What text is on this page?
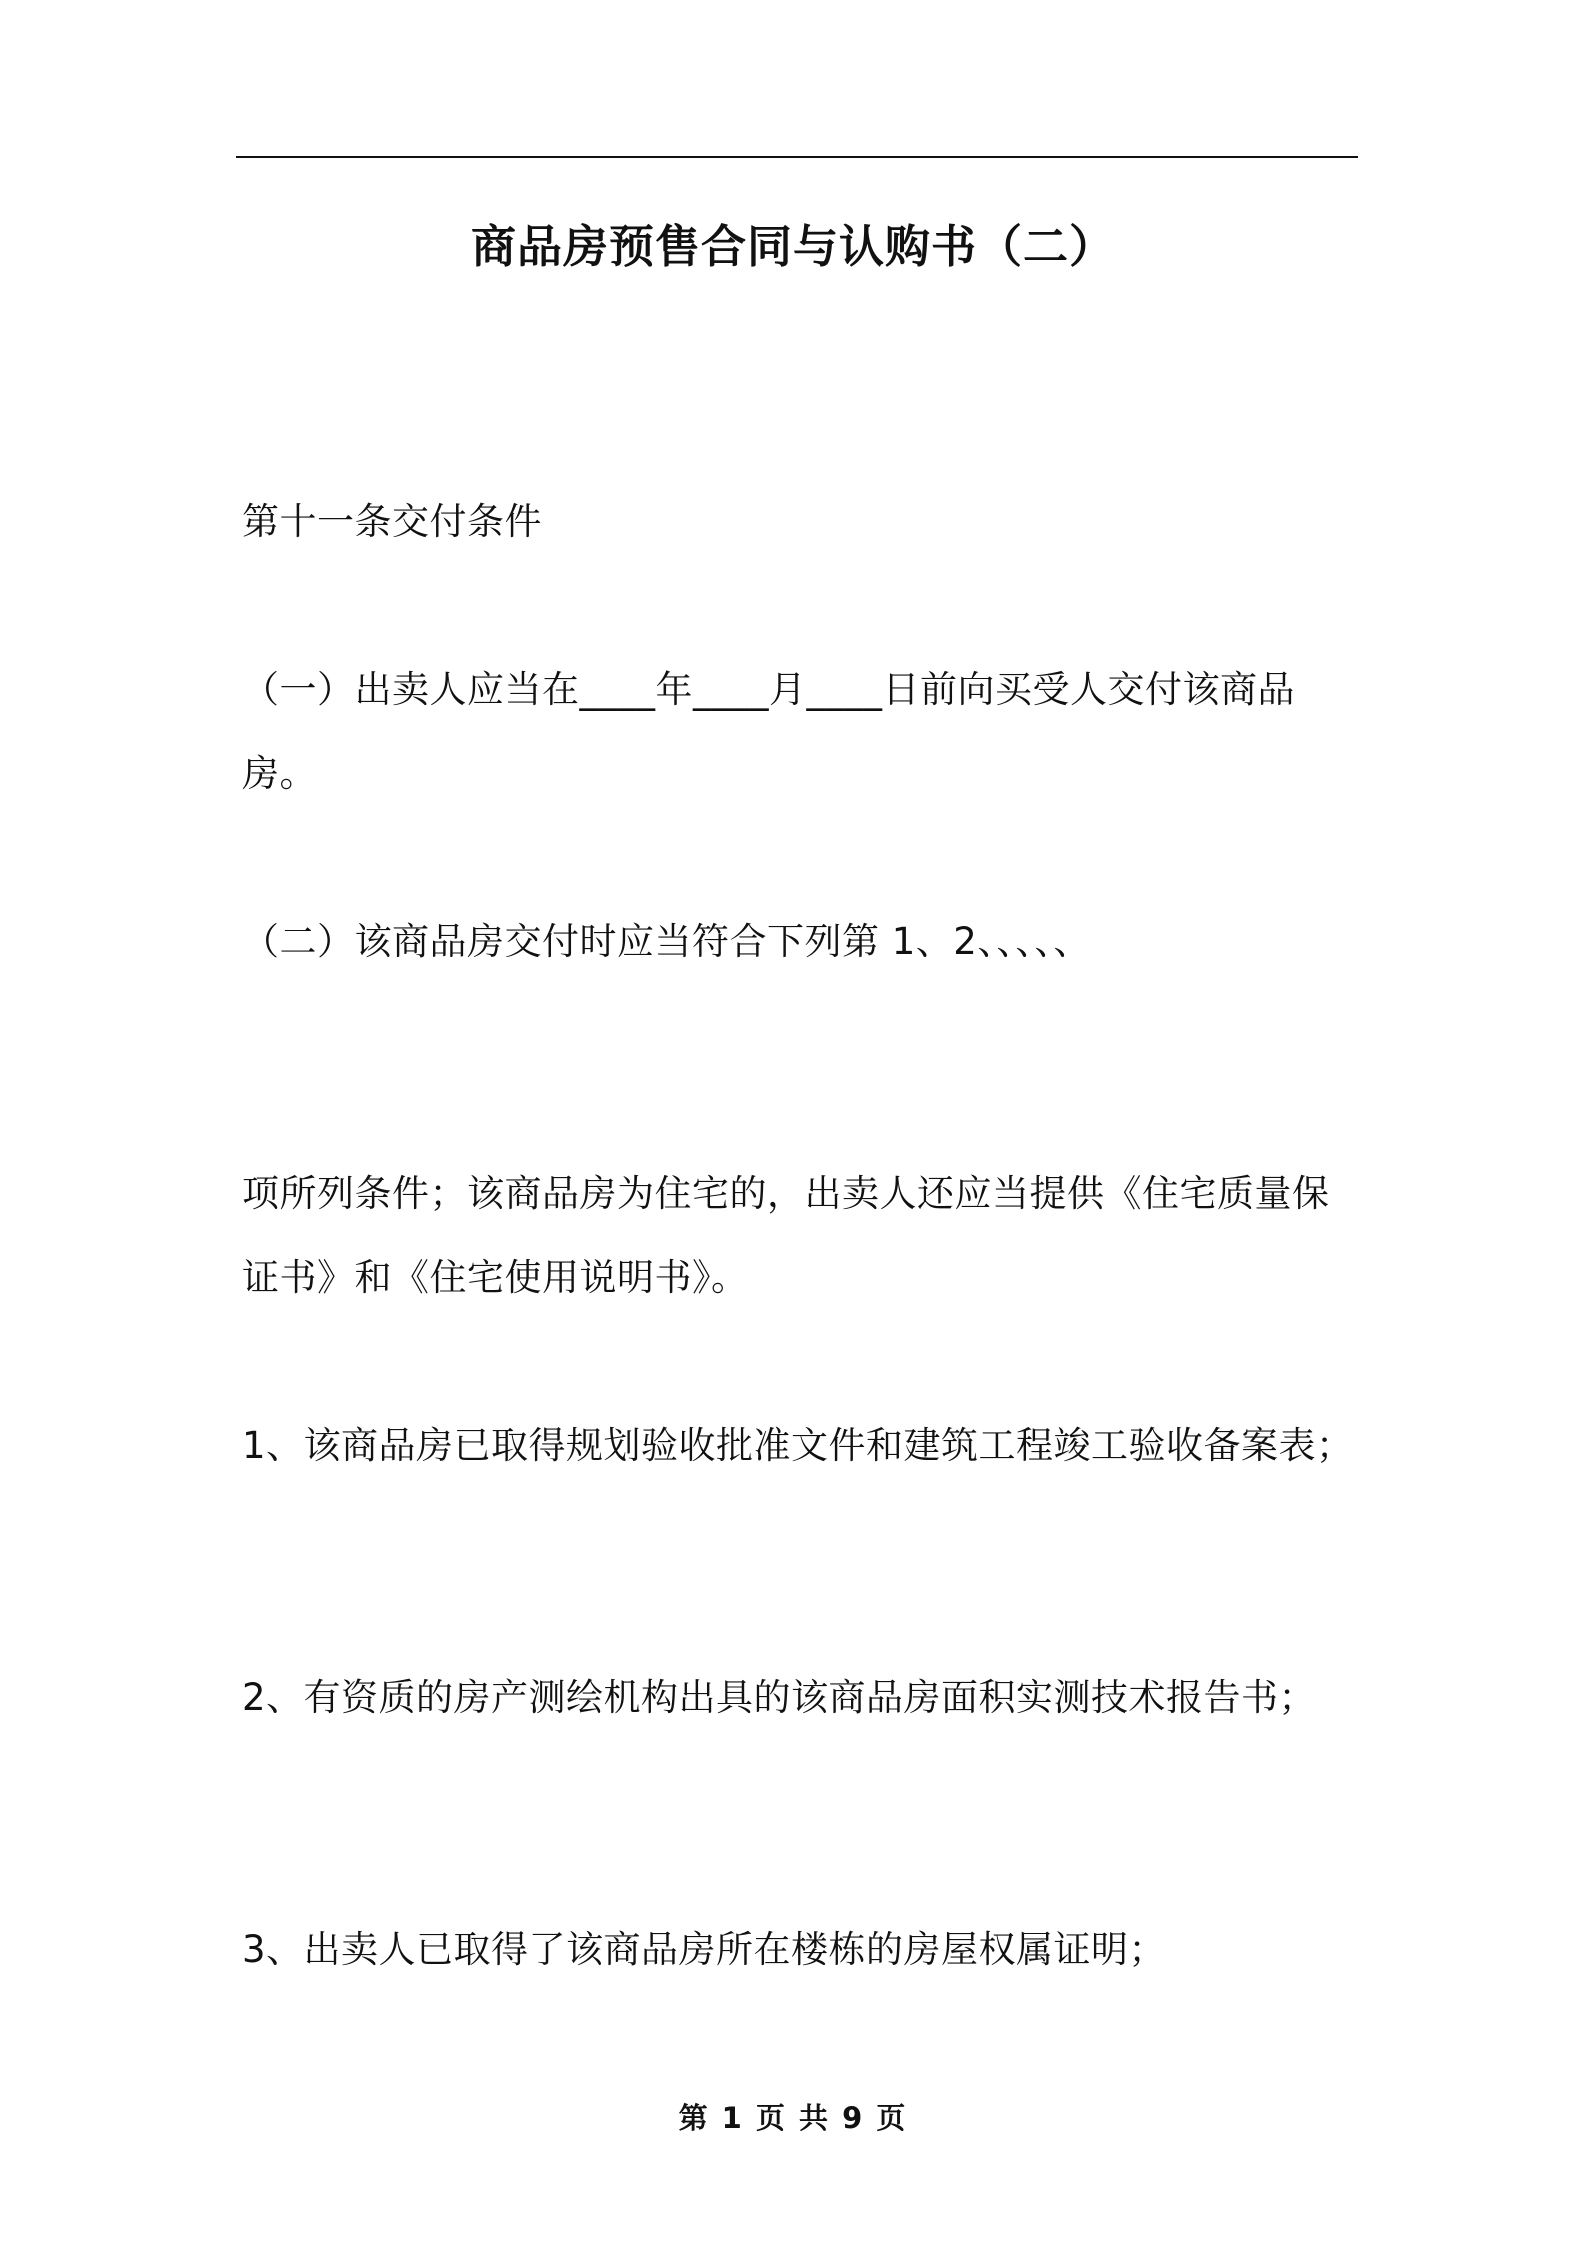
商品房预售合同与认购书（二）
第十一条交付条件
（一）出卖人应当在____年____月____日前向买受人交付该商品房。
（二）该商品房交付时应当符合下列第 1、2、、、、、
项所列条件；该商品房为住宅的，出卖人还应当提供《住宅质量保证书》和《住宅使用说明书》。
1、该商品房已取得规划验收批准文件和建筑工程竣工验收备案表；
2、有资质的房产测绘机构出具的该商品房面积实测技术报告书；
3、出卖人已取得了该商品房所在楼栋的房屋权属证明；
第 1 页 共 9 页
